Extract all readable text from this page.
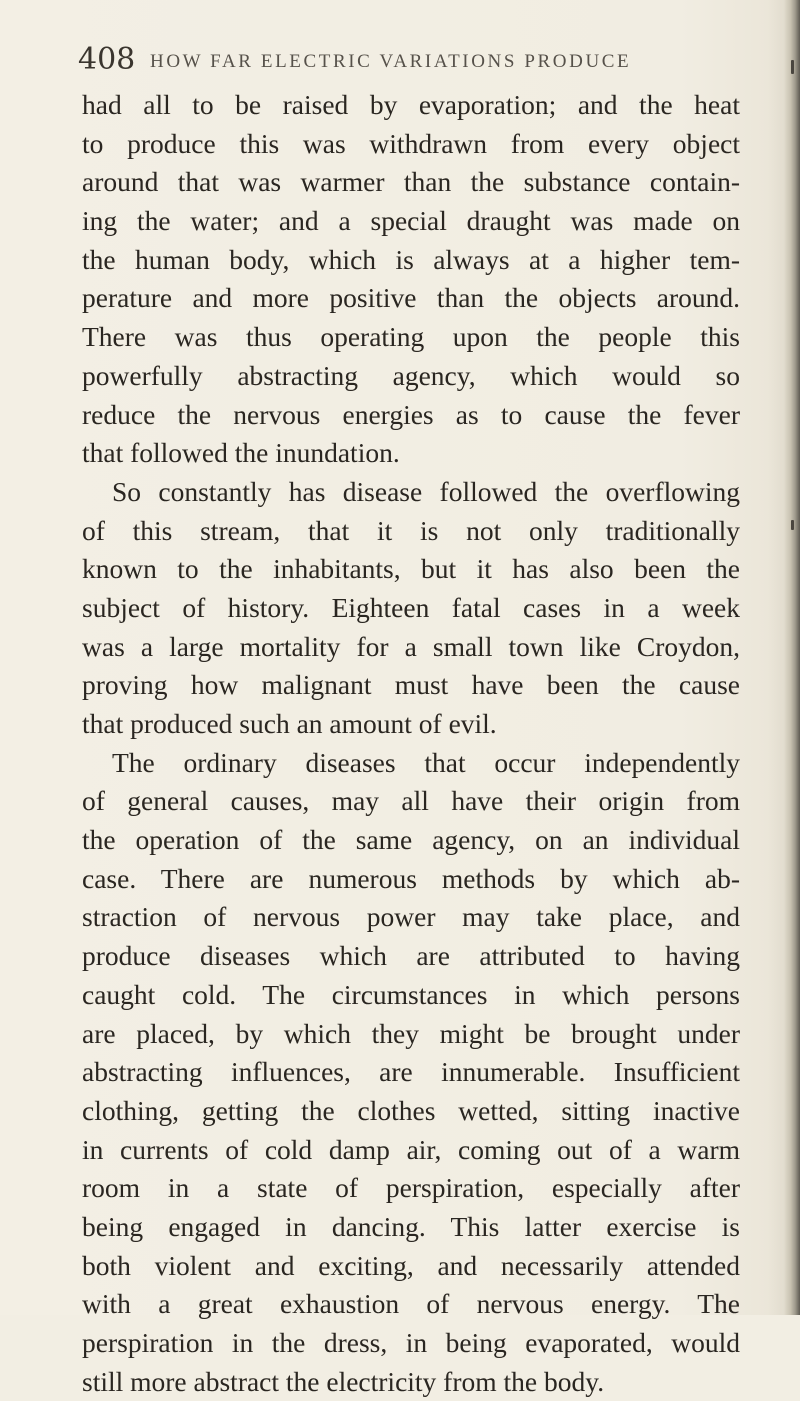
408 HOW FAR ELECTRIC VARIATIONS PRODUCE
had all to be raised by evaporation; and the heat
to produce this was withdrawn from every object
around that was warmer than the substance contain-
ing the water; and a special draught was made on
the human body, which is always at a higher tem-
perature and more positive than the objects around.
There was thus operating upon the people this
powerfully abstracting agency, which would so
reduce the nervous energies as to cause the fever
that followed the inundation.
So constantly has disease followed the overflowing
of this stream, that it is not only traditionally
known to the inhabitants, but it has also been the
subject of history. Eighteen fatal cases in a week
was a large mortality for a small town like Croydon,
proving how malignant must have been the cause
that produced such an amount of evil.
The ordinary diseases that occur independently
of general causes, may all have their origin from
the operation of the same agency, on an individual
case. There are numerous methods by which ab-
straction of nervous power may take place, and
produce diseases which are attributed to having
caught cold. The circumstances in which persons
are placed, by which they might be brought under
abstracting influences, are innumerable. Insufficient
clothing, getting the clothes wetted, sitting inactive
in currents of cold damp air, coming out of a warm
room in a state of perspiration, especially after
being engaged in dancing. This latter exercise is
both violent and exciting, and necessarily attended
with a great exhaustion of nervous energy. The
perspiration in the dress, in being evaporated, would
still more abstract the electricity from the body.
